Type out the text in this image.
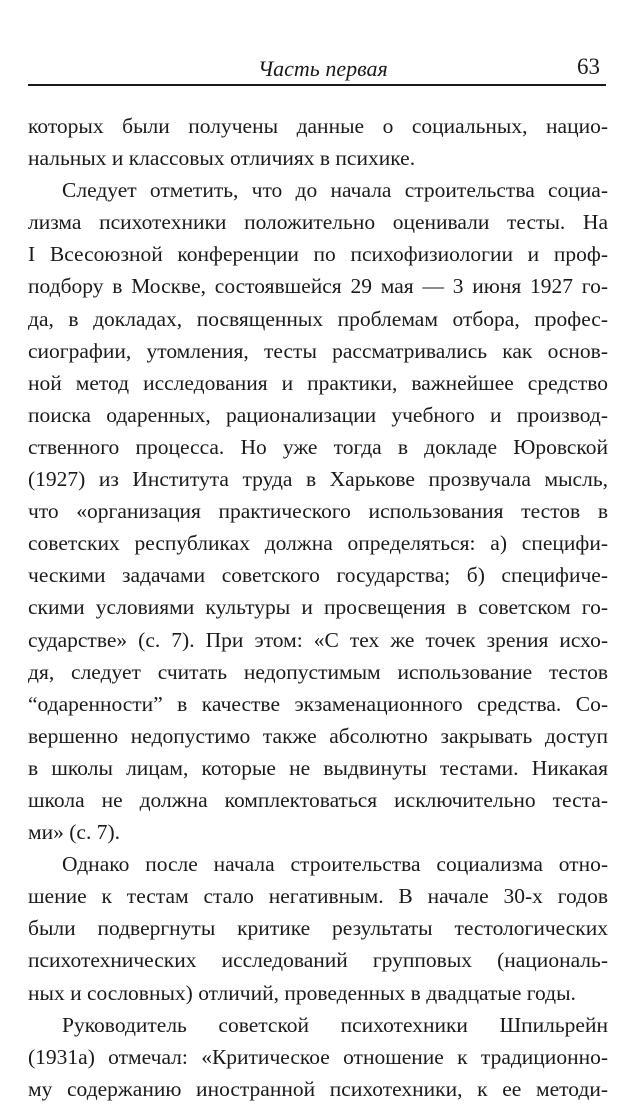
Часть первая	63
которых были получены данные о социальных, нацио-
нальных и классовых отличиях в психике.
Следует отметить, что до начала строительства социа-
лизма психотехники положительно оценивали тесты. На
I Всесоюзной конференции по психофизиологии и проф-
подбору в Москве, состоявшейся 29 мая — 3 июня 1927 го-
да, в докладах, посвященных проблемам отбора, профес-
сиографии, утомления, тесты рассматривались как основ-
ной метод исследования и практики, важнейшее средство
поиска одаренных, рационализации учебного и производ-
ственного процесса. Но уже тогда в докладе Юровской
(1927) из Института труда в Харькове прозвучала мысль,
что «организация практического использования тестов в
советских республиках должна определяться: а) специфи-
ческими задачами советского государства; б) специфиче-
скими условиями культуры и просвещения в советском го-
сударстве» (с. 7). При этом: «С тех же точек зрения исхо-
дя, следует считать недопустимым использование тестов
“одаренности” в качестве экзаменационного средства. Со-
вершенно недопустимо также абсолютно закрывать доступ
в школы лицам, которые не выдвинуты тестами. Никакая
школа не должна комплектоваться исключительно теста-
ми» (с. 7).
Однако после начала строительства социализма отно-
шение к тестам стало негативным. В начале 30-х годов
были подвергнуты критике результаты тестологических
психотехнических исследований групповых (националь-
ных и сословных) отличий, проведенных в двадцатые годы.
Руководитель советской психотехники Шпильрейн
(1931а) отмечал: «Критическое отношение к традиционно-
му содержанию иностранной психотехники, к ее методи-
